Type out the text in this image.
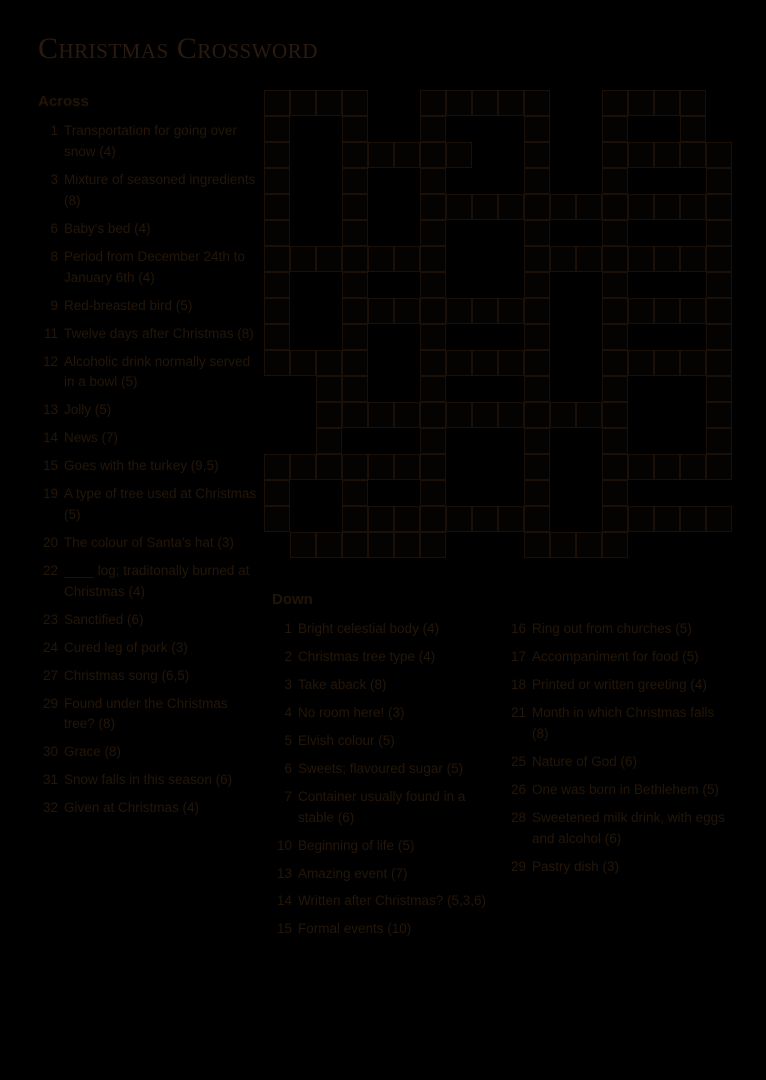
Christmas Crossword
Across
1 Transportation for going over snow (4)
3 Mixture of seasoned ingredients (8)
6 Baby's bed (4)
8 Period from December 24th to January 6th (4)
9 Red-breasted bird (5)
11 Twelve days after Christmas (8)
12 Alcoholic drink normally served in a bowl (5)
13 Jolly (5)
14 News (7)
15 Goes with the turkey (9,5)
19 A type of tree used at Christmas (5)
20 The colour of Santa's hat (3)
22 ____ log; traditonally burned at Christmas (4)
23 Sanctified (6)
24 Cured leg of pork (3)
27 Christmas song (6,5)
29 Found under the Christmas tree? (8)
30 Grace (8)
31 Snow falls in this season (6)
32 Given at Christmas (4)
Down
1 Bright celestial body (4)
2 Christmas tree type (4)
3 Take aback (8)
4 No room here! (3)
5 Elvish colour (5)
6 Sweets; flavoured sugar (5)
7 Container usually found in a stable (6)
10 Beginning of life (5)
13 Amazing event (7)
14 Written after Christmas? (5,3,6)
15 Formal events (10)
16 Ring out from churches (5)
17 Accompaniment for food (5)
18 Printed or written greeting (4)
21 Month in which Christmas falls (8)
25 Nature of God (6)
26 One was born in Bethlehem (5)
28 Sweetened milk drink, with eggs and alcohol (6)
29 Pastry dish (3)
